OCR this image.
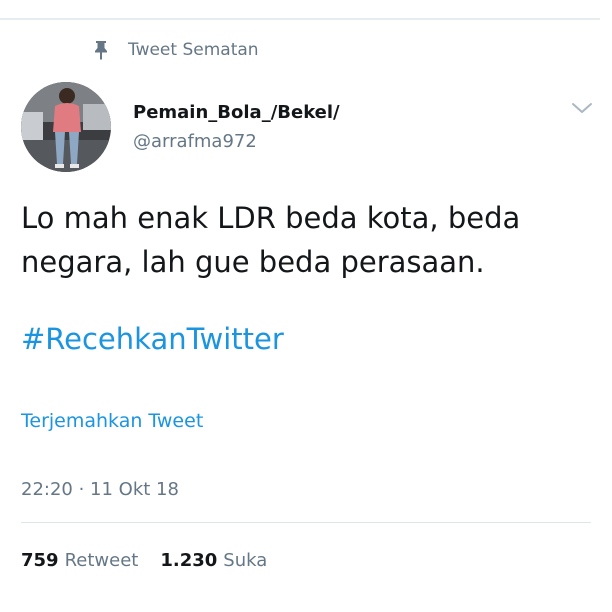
Tweet Sematan
Pemain_Bola_/Bekel/
@arrafma972
Lo mah enak LDR beda kota, beda
negara, lah gue beda perasaan.
#RecehkanTwitter
Terjemahkan Tweet
22:20 · 11 Okt 18
759 Retweet 1.230 Suka
